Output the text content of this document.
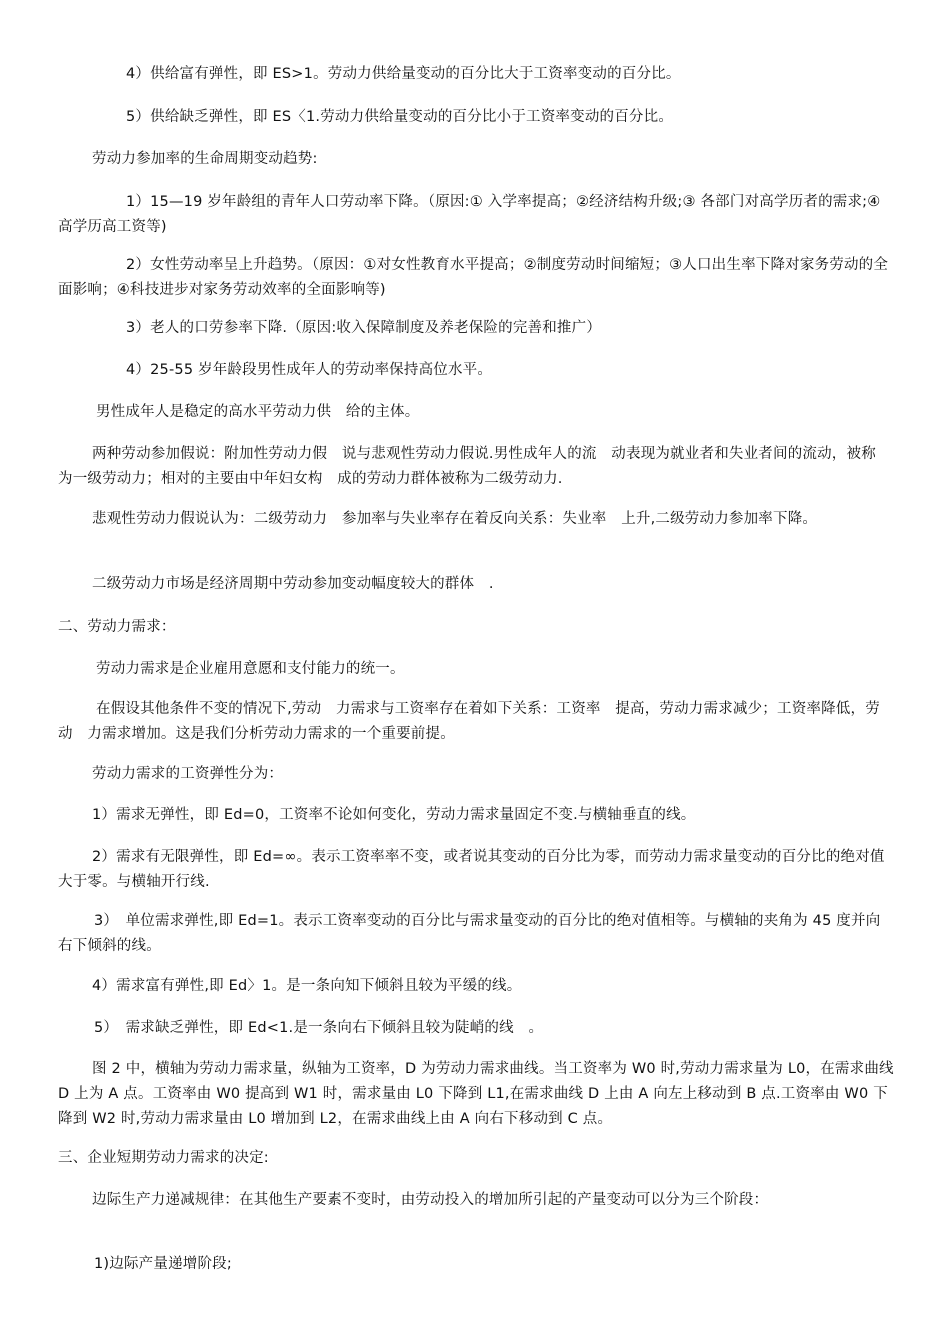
4）供给富有弹性，即 ES>1。劳动力供给量变动的百分比大于工资率变动的百分比。

5）供给缺乏弹性，即 ES〈1.劳动力供给量变动的百分比小于工资率变动的百分比。

劳动力参加率的生命周期变动趋势:

1）15—19 岁年龄组的青年人口劳动率下降。（原因:① 入学率提高；②经济结构升级;③ 各部门对高学历者的需求;④ 高学历高工资等)

2）女性劳动率呈上升趋势。（原因：①对女性教育水平提高；②制度劳动时间缩短；③人口出生率下降对家务劳动的全面影响；④科技进步对家务劳动效率的全面影响等)

3）老人的口劳参率下降.（原因:收入保障制度及养老保险的完善和推广）

4）25-55 岁年龄段男性成年人的劳动率保持高位水平。

男性成年人是稳定的高水平劳动力供　给的主体。

两种劳动参加假说：附加性劳动力假　说与悲观性劳动力假说.男性成年人的流　动表现为就业者和失业者间的流动，被称　为一级劳动力；相对的主要由中年妇女构　成的劳动力群体被称为二级劳动力.

悲观性劳动力假说认为：二级劳动力　参加率与失业率存在着反向关系：失业率　上升,二级劳动力参加率下降。

二级劳动力市场是经济周期中劳动参加变动幅度较大的群体　.

二、劳动力需求：

劳动力需求是企业雇用意愿和支付能力的统一。

在假设其他条件不变的情况下,劳动　力需求与工资率存在着如下关系：工资率　提高，劳动力需求减少；工资率降低，劳动　力需求增加。这是我们分析劳动力需求的一个重要前提。

劳动力需求的工资弹性分为：

1）需求无弹性，即 Ed=0，工资率不论如何变化，劳动力需求量固定不变.与横轴垂直的线。

2）需求有无限弹性，即 Ed=∞。表示工资率率不变，或者说其变动的百分比为零，而劳动力需求量变动的百分比的绝对值大于零。与横轴开行线.

3）　单位需求弹性,即 Ed=1。表示工资率变动的百分比与需求量变动的百分比的绝对值相等。与横轴的夹角为 45 度并向右下倾斜的线。

4）需求富有弹性,即 Ed〉1。是一条向知下倾斜且较为平缓的线。

5）　需求缺乏弹性，即 Ed<1.是一条向右下倾斜且较为陡峭的线　。

图 2 中，横轴为劳动力需求量，纵轴为工资率，D 为劳动力需求曲线。当工资率为 W0 时,劳动力需求量为 L0，在需求曲线 D 上为 A 点。工资率由 W0 提高到 W1 时，需求量由 L0 下降到 L1,在需求曲线 D 上由 A 向左上移动到 B 点.工资率由 W0 下降到 W2 时,劳动力需求量由 L0 增加到 L2，在需求曲线上由 A 向右下移动到 C 点。

三、企业短期劳动力需求的决定:

边际生产力递减规律：在其他生产要素不变时，由劳动投入的增加所引起的产量变动可以分为三个阶段：

1)边际产量递增阶段;
